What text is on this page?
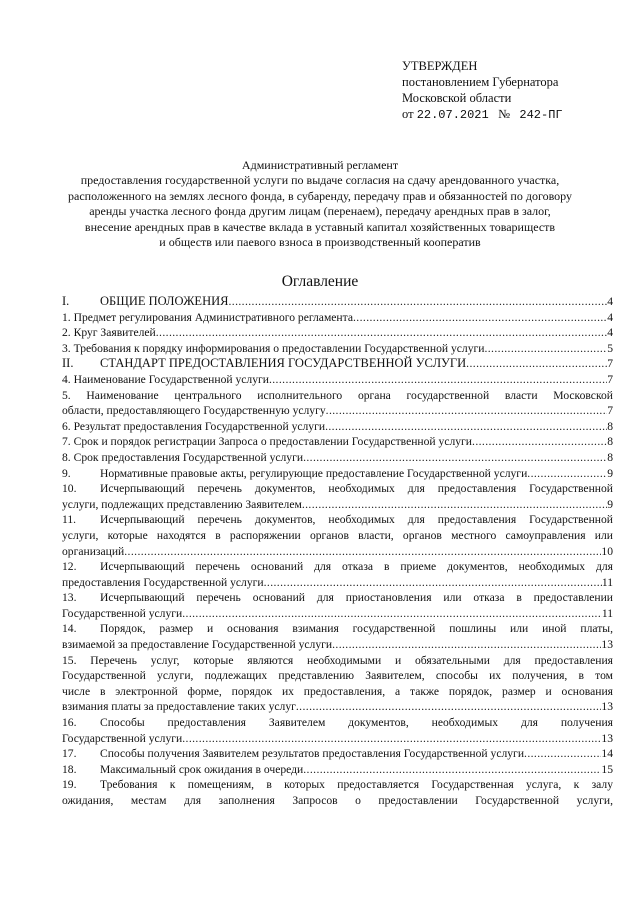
УТВЕРЖДЕН
постановлением Губернатора
Московской области
от 22.07.2021 № 242-ПГ
Административный регламент
предоставления государственной услуги по выдаче согласия на сдачу арендованного участка,
расположенного на землях лесного фонда, в субаренду, передачу прав и обязанностей по договору
аренды участка лесного фонда другим лицам (перенаем), передачу арендных прав в залог,
внесение арендных прав в качестве вклада в уставный капитал хозяйственных товариществ
и обществ или паевого взноса в производственный кооператив
Оглавление
I. ОБЩИЕ ПОЛОЖЕНИЯ .....	4
1. Предмет регулирования Административного регламента .....	4
2. Круг Заявителей .....	4
3. Требования к порядку информирования о предоставлении Государственной услуги .....	5
II. СТАНДАРТ ПРЕДОСТАВЛЕНИЯ ГОСУДАРСТВЕННОЙ УСЛУГИ .....	7
4. Наименование Государственной услуги .....	7
5. Наименование центрального исполнительного органа государственной власти Московской
области, предоставляющего Государственную услугу .....	7
6. Результат предоставления Государственной услуги .....	8
7. Срок и порядок регистрации Запроса о предоставлении Государственной услуги .....	8
8. Срок предоставления Государственной услуги .....	8
9.	Нормативные правовые акты, регулирующие предоставление Государственной услуги .....	9
10. Исчерпывающий перечень документов, необходимых для предоставления Государственной
услуги, подлежащих представлению Заявителем .....	9
11. Исчерпывающий перечень документов, необходимых для предоставления Государственной
услуги, которые находятся в распоряжении органов власти, органов местного самоуправления или
организаций .....	10
12. Исчерпывающий перечень оснований для отказа в приеме документов, необходимых для
предоставления Государственной услуги .....	11
13. Исчерпывающий перечень оснований для приостановления или отказа в предоставлении
Государственной услуги .....	11
14. Порядок, размер и основания взимания государственной пошлины или иной платы,
взимаемой за предоставление Государственной услуги .....	13
15. Перечень услуг, которые являются необходимыми и обязательными для предоставления
Государственной услуги, подлежащих представлению Заявителем, способы их получения, в том
числе в электронной форме, порядок их предоставления, а также порядок, размер и основания
взимания платы за предоставление таких услуг .....	13
16. Способы предоставления Заявителем документов, необходимых для получения
Государственной услуги .....	13
17. Способы получения Заявителем результатов предоставления Государственной услуги .....	14
18. Максимальный срок ожидания в очереди .....	15
19. Требования к помещениям, в которых предоставляется Государственная услуга, к залу
ожидания, местам для заполнения Запросов о предоставлении Государственной услуги,
